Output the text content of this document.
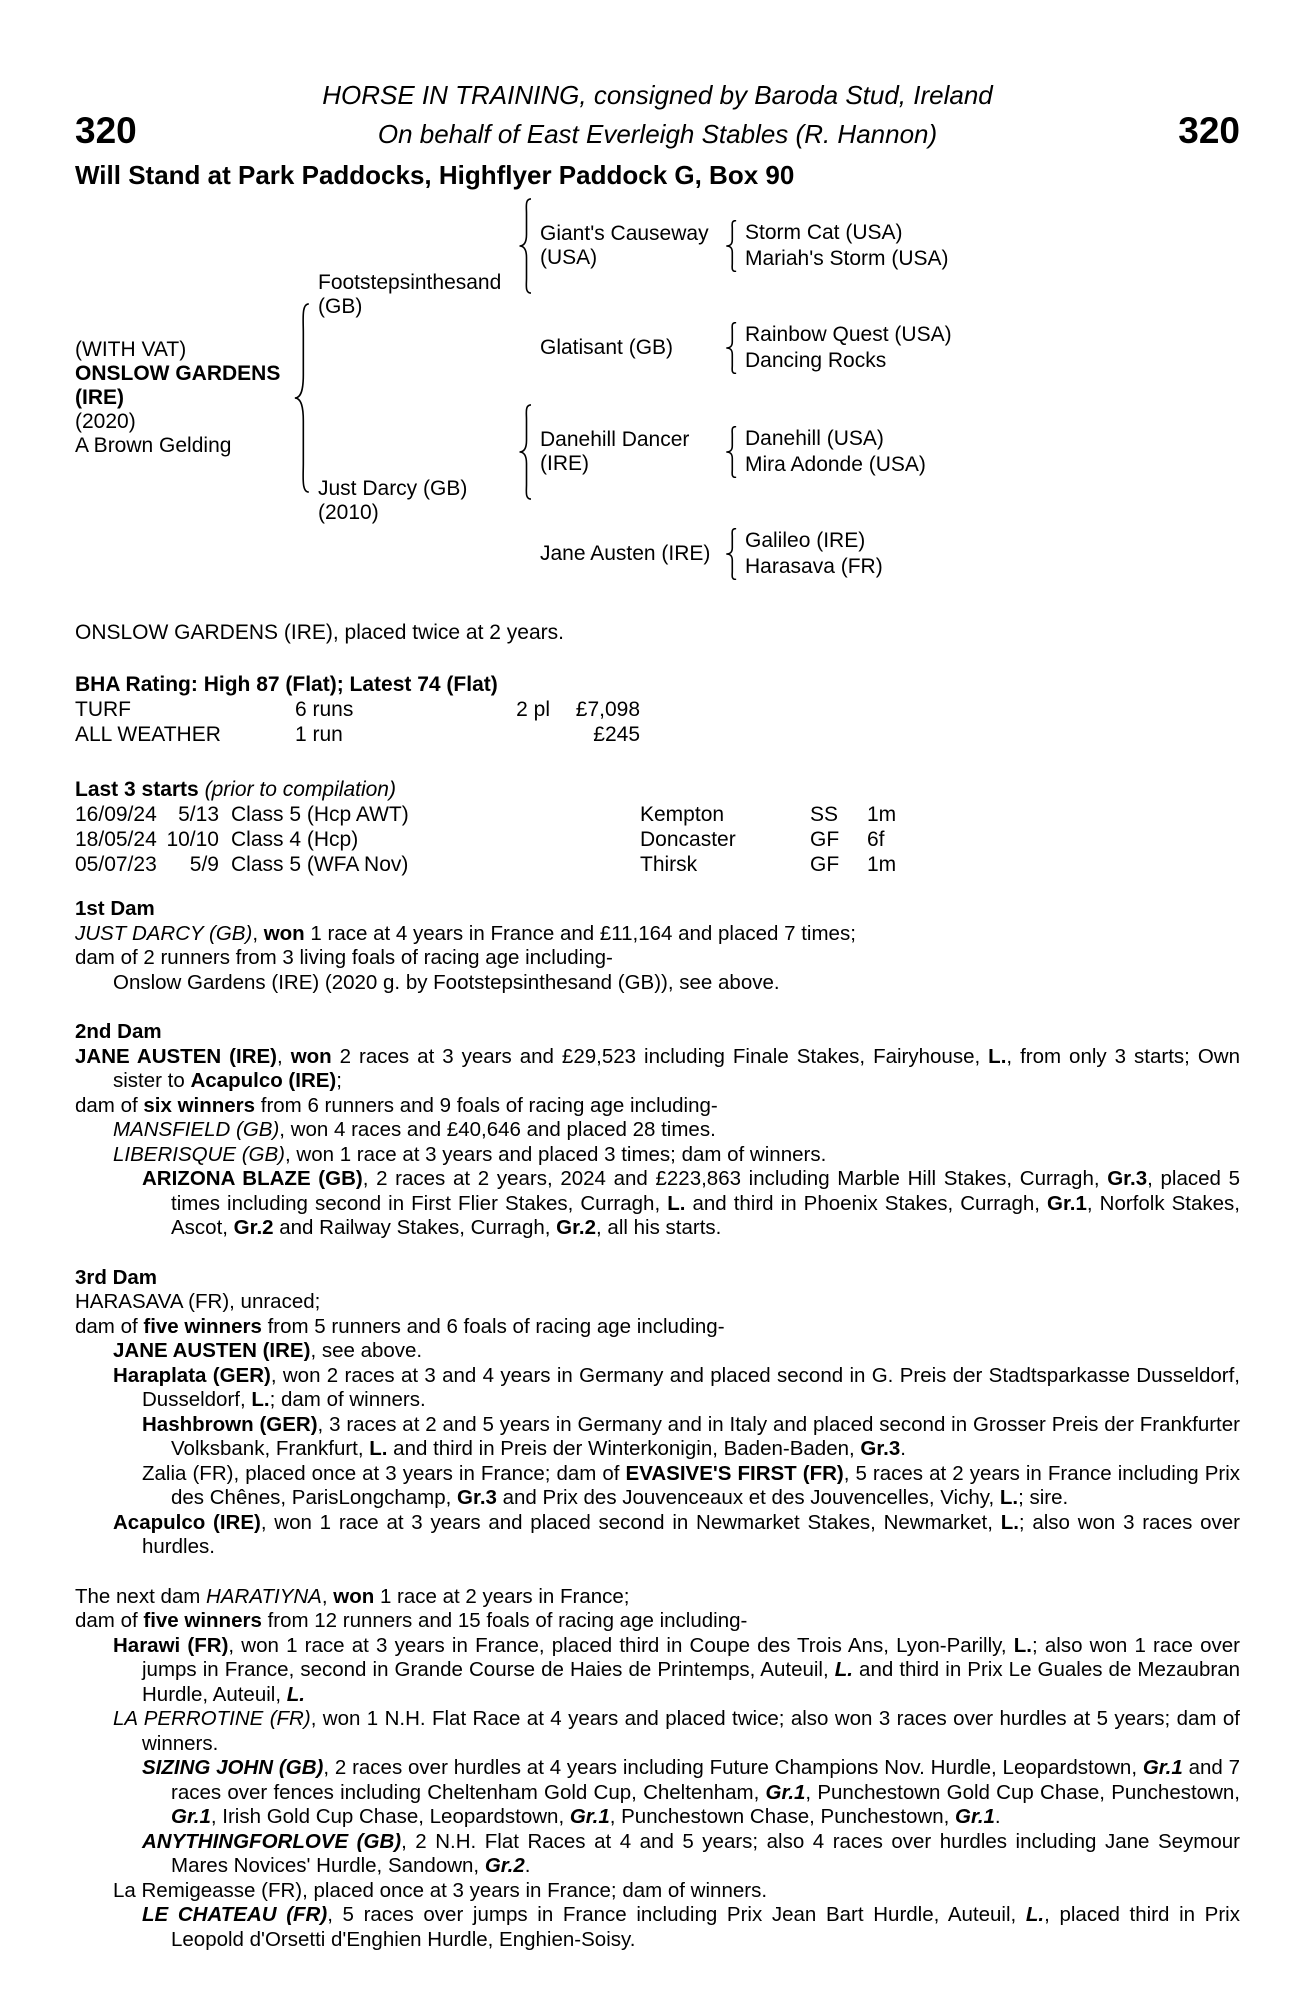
HORSE IN TRAINING, consigned by Baroda Stud, Ireland
320	On behalf of East Everleigh Stables (R. Hannon)	320
Will Stand at Park Paddocks, Highflyer Paddock G, Box 90
(WITH VAT)
ONSLOW GARDENS (IRE)
(2020)
A Brown Gelding
Footstepsinthesand (GB)
Giant's Causeway (USA)
Storm Cat (USA)
Mariah's Storm (USA)
Glatisant (GB)
Rainbow Quest (USA)
Dancing Rocks
Just Darcy (GB) (2010)
Danehill Dancer (IRE)
Danehill (USA)
Mira Adonde (USA)
Jane Austen (IRE)
Galileo (IRE)
Harasava (FR)
ONSLOW GARDENS (IRE), placed twice at 2 years.
BHA Rating: High 87 (Flat); Latest 74 (Flat)
TURF	6 runs	2 pl	£7,098
ALL WEATHER	1 run	£245
Last 3 starts (prior to compilation)
16/09/24	5/13 Class 5 (Hcp AWT)	Kempton	SS	1m
18/05/24 10/10 Class 4 (Hcp)	Doncaster	GF	6f
05/07/23	5/9 Class 5 (WFA Nov)	Thirsk	GF	1m
1st Dam
JUST DARCY (GB), won 1 race at 4 years in France and £11,164 and placed 7 times;
dam of 2 runners from 3 living foals of racing age including-
Onslow Gardens (IRE) (2020 g. by Footstepsinthesand (GB)), see above.
2nd Dam
JANE AUSTEN (IRE), won 2 races at 3 years and £29,523 including Finale Stakes, Fairyhouse, L., from only 3 starts; Own sister to Acapulco (IRE);
dam of six winners from 6 runners and 9 foals of racing age including-
MANSFIELD (GB), won 4 races and £40,646 and placed 28 times.
LIBERISQUE (GB), won 1 race at 3 years and placed 3 times; dam of winners.
ARIZONA BLAZE (GB), 2 races at 2 years, 2024 and £223,863 including Marble Hill Stakes, Curragh, Gr.3, placed 5 times including second in First Flier Stakes, Curragh, L. and third in Phoenix Stakes, Curragh, Gr.1, Norfolk Stakes, Ascot, Gr.2 and Railway Stakes, Curragh, Gr.2, all his starts.
3rd Dam
HARASAVA (FR), unraced;
dam of five winners from 5 runners and 6 foals of racing age including-
JANE AUSTEN (IRE), see above.
Haraplata (GER), won 2 races at 3 and 4 years in Germany and placed second in G. Preis der Stadtsparkasse Dusseldorf, Dusseldorf, L.; dam of winners.
Hashbrown (GER), 3 races at 2 and 5 years in Germany and in Italy and placed second in Grosser Preis der Frankfurter Volksbank, Frankfurt, L. and third in Preis der Winterkonigin, Baden-Baden, Gr.3.
Zalia (FR), placed once at 3 years in France; dam of EVASIVE'S FIRST (FR), 5 races at 2 years in France including Prix des Chênes, ParisLongchamp, Gr.3 and Prix des Jouvenceaux et des Jouvencelles, Vichy, L.; sire.
Acapulco (IRE), won 1 race at 3 years and placed second in Newmarket Stakes, Newmarket, L.; also won 3 races over hurdles.
The next dam HARATIYNA, won 1 race at 2 years in France;
dam of five winners from 12 runners and 15 foals of racing age including-
Harawi (FR), won 1 race at 3 years in France, placed third in Coupe des Trois Ans, Lyon-Parilly, L.; also won 1 race over jumps in France, second in Grande Course de Haies de Printemps, Auteuil, L. and third in Prix Le Guales de Mezaubran Hurdle, Auteuil, L.
LA PERROTINE (FR), won 1 N.H. Flat Race at 4 years and placed twice; also won 3 races over hurdles at 5 years; dam of winners.
SIZING JOHN (GB), 2 races over hurdles at 4 years including Future Champions Nov. Hurdle, Leopardstown, Gr.1 and 7 races over fences including Cheltenham Gold Cup, Cheltenham, Gr.1, Punchestown Gold Cup Chase, Punchestown, Gr.1, Irish Gold Cup Chase, Leopardstown, Gr.1, Punchestown Chase, Punchestown, Gr.1.
ANYTHINGFORLOVE (GB), 2 N.H. Flat Races at 4 and 5 years; also 4 races over hurdles including Jane Seymour Mares Novices' Hurdle, Sandown, Gr.2.
La Remigeasse (FR), placed once at 3 years in France; dam of winners.
LE CHATEAU (FR), 5 races over jumps in France including Prix Jean Bart Hurdle, Auteuil, L., placed third in Prix Leopold d'Orsetti d'Enghien Hurdle, Enghien-Soisy.
